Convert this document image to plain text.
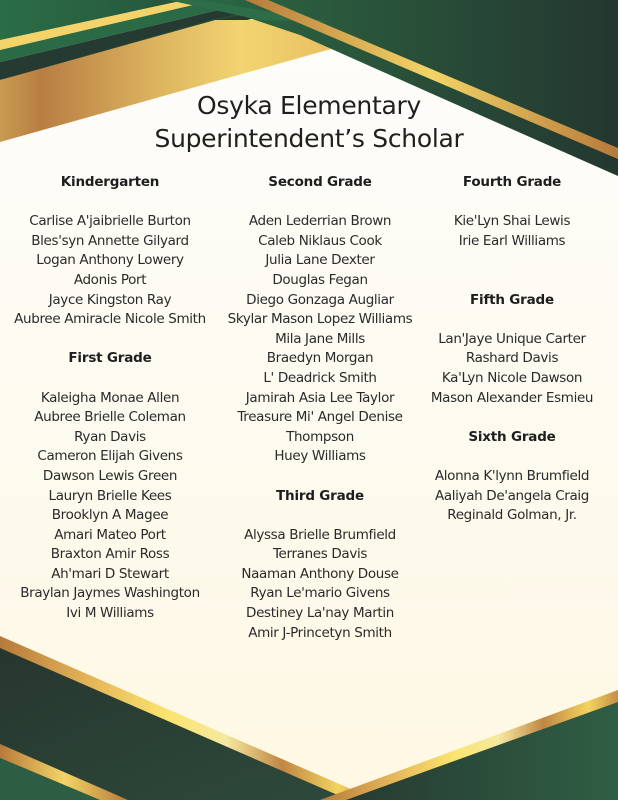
Osyka Elementary
Superintendent’s Scholar
Kindergarten
Carlise A'jaibrielle Burton
Bles'syn Annette Gilyard
Logan Anthony Lowery
Adonis Port
Jayce Kingston Ray
Aubree Amiracle Nicole Smith
First Grade
Kaleigha Monae Allen
Aubree Brielle Coleman
Ryan Davis
Cameron Elijah Givens
Dawson Lewis Green
Lauryn Brielle Kees
Brooklyn A Magee
Amari Mateo Port
Braxton Amir Ross
Ah'mari D Stewart
Braylan Jaymes Washington
Ivi M Williams
Second Grade
Aden Lederrian Brown
Caleb Niklaus Cook
Julia Lane Dexter
Douglas Fegan
Diego Gonzaga Augliar
Skylar Mason Lopez Williams
Mila Jane Mills
Braedyn Morgan
L' Deadrick Smith
Jamirah Asia Lee Taylor
Treasure Mi' Angel Denise
Thompson
Huey Williams
Third Grade
Alyssa Brielle Brumfield
Terranes Davis
Naaman Anthony Douse
Ryan Le'mario Givens
Destiney La'nay Martin
Amir J-Princetyn Smith
Fourth Grade
Kie'Lyn Shai Lewis
Irie Earl Williams
Fifth Grade
Lan'Jaye Unique Carter
Rashard Davis
Ka'Lyn Nicole Dawson
Mason Alexander Esmieu
Sixth Grade
Alonna K'lynn Brumfield
Aaliyah De'angela Craig
Reginald Golman, Jr.
